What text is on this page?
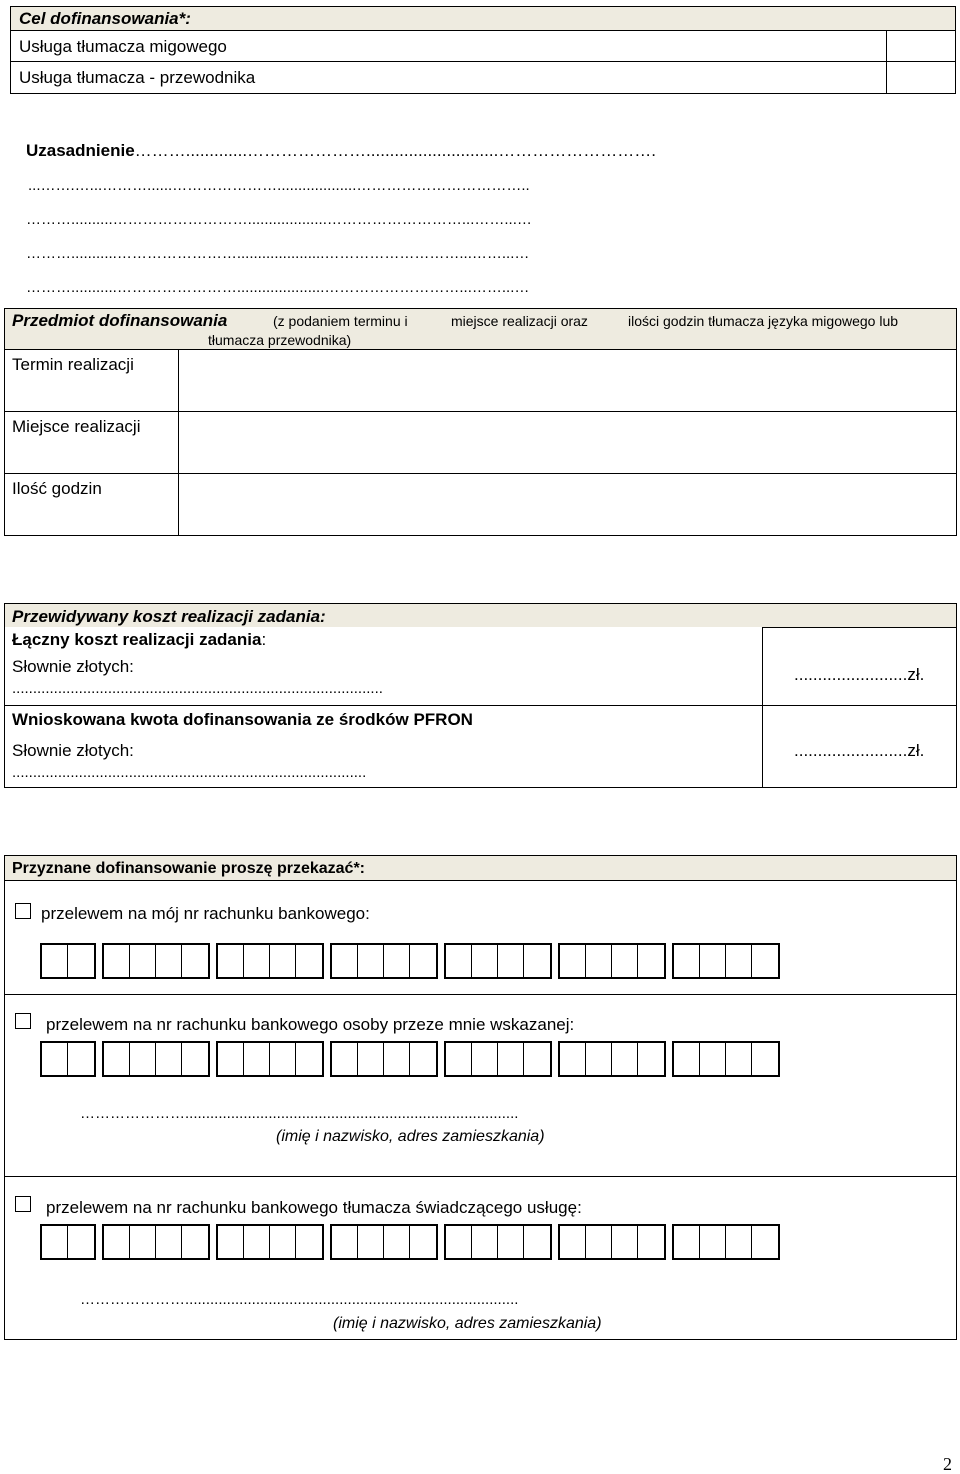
Cel dofinansowania*:
Usługa tłumacza migowego
Usługa tłumacza - przewodnika
Uzasadnienie……….............…………………............................……………………….
...…….…...………......…………………...................……………………………..
………..........………………………...................………………………...……...…
………...........…………………….....................………………………...……...…
………...........…………………….....................………………………...……...…
Przedmiot dofinansowania	(z podaniem terminu i	miejsce realizacji oraz	ilości godzin tłumacza języka migowego lub
tłumacza przewodnika)
Termin realizacji
Miejsce realizacji
Ilość godzin
Przewidywany koszt realizacji zadania:
Łączny koszt realizacji zadania:
Słownie złotych:
.........................................................................................
........................zł.
Wnioskowana kwota dofinansowania ze środków PFRON
Słownie złotych:
.....................................................................................
........................zł.
Przyznane dofinansowanie proszę przekazać*:
przelewem na mój nr rachunku bankowego:
przelewem na nr rachunku bankowego osoby przeze mnie wskazanej:
…………………................................................................................
(imię i nazwisko, adres zamieszkania)
przelewem na nr rachunku bankowego tłumacza świadczącego usługę:
…………………................................................................................
(imię i nazwisko, adres zamieszkania)
2
